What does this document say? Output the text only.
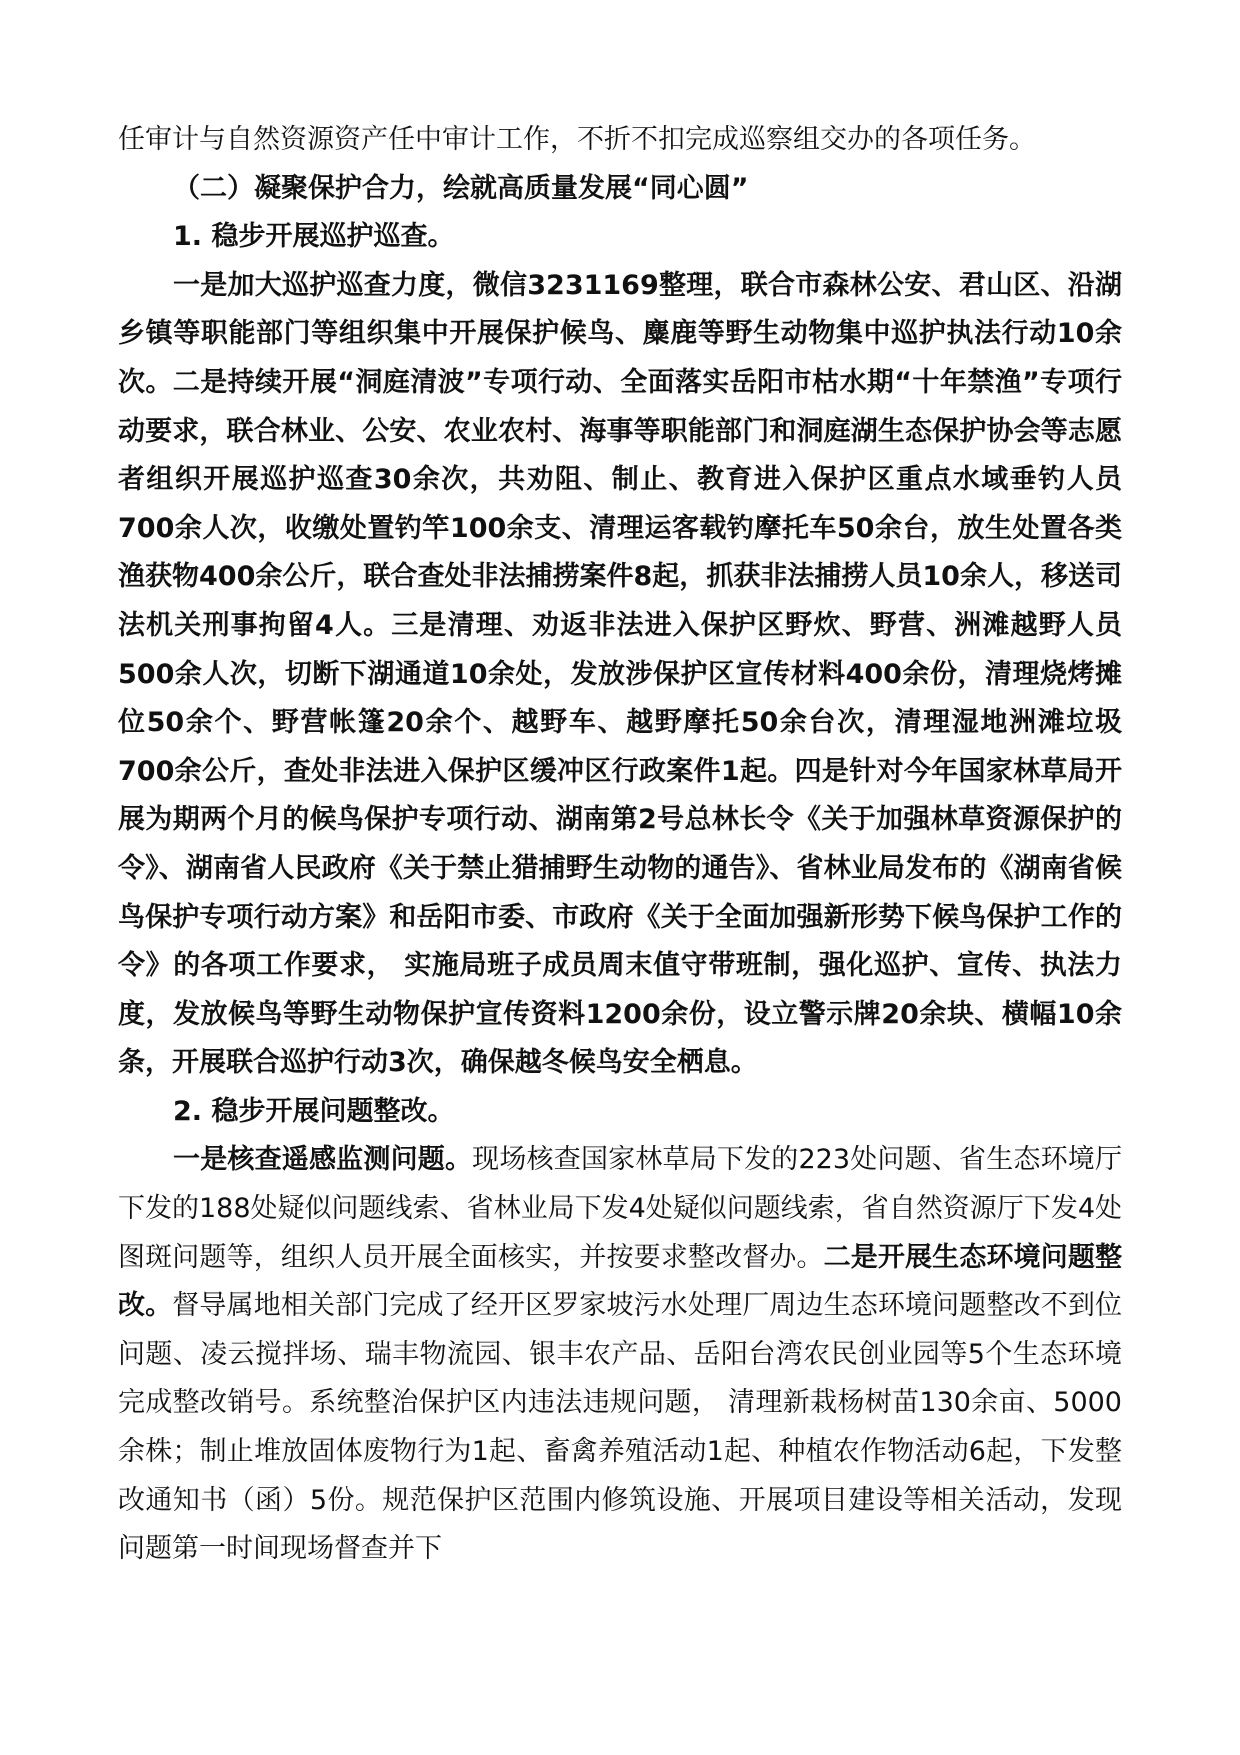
任审计与自然资源资产任中审计工作，不折不扣完成巡察组交办的各项任务。

（二）凝聚保护合力，绘就高质量发展“同心圆”

1. 稳步开展巡护巡查。

一是加大巡护巡查力度，微信3231169整理，联合市森林公安、君山区、沿湖乡镇等职能部门等组织集中开展保护候鸟、麋鹿等野生动物集中巡护执法行动10余次。二是持续开展“洞庭清波”专项行动、全面落实岳阳市枯水期“十年禁渔”专项行动要求，联合林业、公安、农业农村、海事等职能部门和洞庭湖生态保护协会等志愿者组织开展巡护巡查30余次，共劝阻、制止、教育进入保护区重点水域垂钓人员700余人次，收缴处置钓竿100余支、清理运客载钓摩托车50余台，放生处置各类渔获物400余公斤，联合查处非法捕捞案件8起，抓获非法捕捞人员10余人，移送司法机关刑事拘留4人。三是清理、劝返非法进入保护区野炊、野营、洲滩越野人员500余人次，切断下湖通道10余处，发放涉保护区宣传材料400余份，清理烧烤摊位50余个、野营帐篷20余个、越野车、越野摩托50余台次，清理湿地洲滩垃圾700余公斤，查处非法进入保护区缓冲区行政案件1起。四是针对今年国家林草局开展为期两个月的候鸟保护专项行动、湖南第2号总林长令《关于加强林草资源保护的令》、湖南省人民政府《关于禁止猎捕野生动物的通告》、省林业局发布的《湖南省候鸟保护专项行动方案》和岳阳市委、市政府《关于全面加强新形势下候鸟保护工作的令》的各项工作要求， 实施局班子成员周末值守带班制，强化巡护、宣传、执法力度，发放候鸟等野生动物保护宣传资料1200余份，设立警示牌20余块、横幅10余条，开展联合巡护行动3次，确保越冬候鸟安全栖息。

2. 稳步开展问题整改。

一是核查遥感监测问题。现场核查国家林草局下发的223处问题、省生态环境厅下发的188处疑似问题线索、省林业局下发4处疑似问题线索，省自然资源厅下发4处图斑问题等，组织人员开展全面核实，并按要求整改督办。二是开展生态环境问题整改。督导属地相关部门完成了经开区罗家坡污水处理厂周边生态环境问题整改不到位问题、凌云搅拌场、瑞丰物流园、银丰农产品、岳阳台湾农民创业园等5个生态环境完成整改销号。系统整治保护区内违法违规问题， 清理新栽杨树苗130余亩、5000余株；制止堆放固体废物行为1起、畜禽养殖活动1起、种植农作物活动6起，下发整改通知书（函）5份。规范保护区范围内修筑设施、开展项目建设等相关活动，发现问题第一时间现场督查并下
